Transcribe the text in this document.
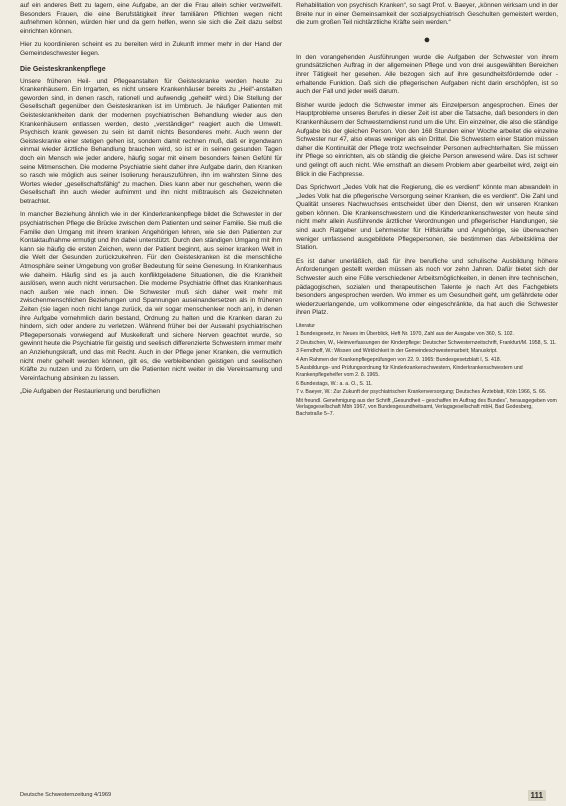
auf ein anderes Bett zu lagern, eine Aufgabe, an der die Frau allein schier verzweifelt. Besonders Frauen, die eine Berufstätigkeit ihrer familiären Pflichten wegen nicht aufnehmen können, würden hier und da gern helfen, wenn sie sich die Zeit dazu selbst einrichten können.

Hier zu koordinieren scheint es zu bereiten wird in Zukunft immer mehr in der Hand der Gemeindeschwester liegen.

Die Geisteskrankenpflege

Unsere früheren Heil- und Pflegeanstalten für Geisteskranke werden heute zu Krankenhäusern. Ein Irrgarten, es nicht unsere Krankenhäuser bereits zu „Heil“-anstalten geworden sind, in denen rasch, rationell und aufwendig „geheilt“ wird.) Die Stellung der Gesellschaft gegenüber den Geisteskranken ist im Umbruch. Je häufiger Patienten mit Geisteskrankheiten dank der modernen psychiatrischen Behandlung wieder aus den Krankenhäusern entlassen werden, desto „verständiger“ reagiert auch die Umwelt. Psychisch krank gewesen zu sein ist damit nichts Besonderes mehr. Auch wenn der Geisteskranke einer stetigen gehen ist, sondern damit rechnen muß, daß er irgendwann einmal wieder ärztliche Behandlung brauchen wird, so ist er in seinen gesunden Tagen doch ein Mensch wie jeder andere, häufig sogar mit einem besonders feinen Gefühl für seine Mitmenschen. Die moderne Psychiatrie sieht daher ihre Aufgabe darin, den Kranken so rasch wie möglich aus seiner Isolierung herauszuführen, ihn im wahrsten Sinne des Wortes wieder „gesellschaftsfähig“ zu machen. Dies kann aber nur geschehen, wenn die Gesellschaft ihn auch wieder aufnimmt und ihn nicht mißtrauisch als Gezeichneten betrachtet.

In mancher Beziehung ähnlich wie in der Kinderkrankenpflege bildet die Schwester in der psychiatrischen Pflege die Brücke zwischen dem Patienten und seiner Familie. Sie muß die Familie den Umgang mit ihrem kranken Angehörigen lehren, wie sie den Patienten zur Kontaktaufnahme ermutigt und ihn dabei unterstützt. Durch den ständigen Umgang mit ihm kann sie häufig die ersten Zeichen, wenn der Patient beginnt, aus seiner kranken Welt in die Welt der Gesunden zurückzukehren. Für den Geisteskranken ist die menschliche Atmosphäre seiner Umgebung von großer Bedeutung für seine Genesung. In Krankenhaus wie daheim. Häufig sind es ja auch konfliktgeladene Situationen, die die Krankheit auslösen, wenn auch nicht verursachen. Die moderne Psychiatrie öffnet das Krankenhaus nach außen wie nach innen. Die Schwester muß sich daher weit mehr mit zwischenmenschlichen Beziehungen und Spannungen auseinandersetzen als in früheren Zeiten (sie lagen noch nicht lange zurück, da wir sogar menschenleer noch an), in denen ihre Aufgabe vornehmlich darin bestand, Ordnung zu halten und die Kranken daran zu hindern, sich oder andere zu verletzen. Während früher bei der Auswahl psychiatrischen Pflegepersonals vorwiegend auf Muskelkraft und sichere Nerven geachtet wurde, so gewinnt heute die Psychiatrie für geistig und seelisch differenzierte Schwestern immer mehr an Anziehungskraft, und das mit Recht. Auch in der Pflege jener Kranken, die vermutlich nicht mehr geheilt werden können, gilt es, die verbleibenden geistigen und seelischen Kräfte zu nutzen und zu fördern, um die Patienten nicht weiter in die Vereinsamung und Vereinfachung absinken zu lassen.

„Die Aufgaben der Restaurierung und beruflichen

Rehabilitation von psychisch Kranken“, so sagt Prof. v. Baeyer, „können wirksam und in der Breite nur in einer Gemeinsamkeit der sozialpsychiatrisch Geschulten gemeistert werden, die zum großen Teil nichtärztliche Kräfte sein werden.“

●

In den vorangehenden Ausführungen wurde die Aufgaben der Schwester von ihrem grundsätzlichen Auftrag in der allgemeinen Pflege und von drei ausgewählten Bereichen ihrer Tätigkeit her gesehen. Alle bezogen sich auf ihre gesundheitsfördernde oder -erhaltende Funktion. Daß sich die pflegerischen Aufgaben nicht darin erschöpfen, ist so auch der Fall und jeder weiß darum.

Bisher wurde jedoch die Schwester immer als Einzelperson angesprochen. Eines der Hauptprobleme unseres Berufes in dieser Zeit ist aber die Tatsache, daß besonders in den Krankenhäusern der Schwesterndienst rund um die Uhr. Ein einzelner, die also die ständige Aufgabe bis der gleichen Person. Von den 168 Stunden einer Woche arbeitet die einzelne Schwester nur 47, also etwas weniger als ein Drittel. Die Schwestern einer Station müssen daher die Kontinuität der Pflege trotz wechselnder Personen aufrechterhalten. Sie müssen ihr Pflege so einrichten, als ob ständig die gleiche Person anwesend wäre. Das ist schwer und gelingt oft auch nicht. Wie ernsthaft an diesem Problem aber gearbeitet wird, zeigt ein Blick in die Fachpresse.

Das Sprichwort „Jedes Volk hat die Regierung, die es verdient“ könnte man abwandeln in „Jedes Volk hat die pflegerische Versorgung seiner Kranken, die es verdient“. Die Zahl und Qualität unseres Nachwuchses entscheidet über den Dienst, den wir unseren Kranken geben können. Die Krankenschwestern und die Kinderkrankenschwester von heute sind nicht mehr allein Ausführende ärztlicher Verordnungen und pflegerischer Handlungen, sie sind auch Ratgeber und Lehrmeister für Hilfskräfte und Angehörige, sie überwachen weniger umfassend ausgebildete Pflegepersonen, sie bestimmen das Arbeitsklima der Station.

Es ist daher unerläßlich, daß für ihre berufliche und schulische Ausbildung höhere Anforderungen gestellt werden müssen als noch vor zehn Jahren. Dafür bietet sich der Schwester auch eine Fülle verschiedener Arbeitsmöglichkeiten, in denen ihre technischen, pädagogischen, sozialen und therapeutischen Talente je nach Art des Fachgebiets besonders angesprochen werden. Wo immer es um Gesundheit geht, um gefährdete oder wiederzuerlangende, um vollkommene oder eingeschränkte, da hat auch die Schwester ihren Platz.

Literatur
1 Bundesgesetz, in: Neues im Überblick, Heft Nr. 1970, Zahl aus der Ausgabe von 360, S. 102.
2 Deutschen, W., Heimverfassungen der Kinderpflege: Deutscher Schwesternzeitschrift, Frankfurt/M. 1958, S. 11.
3 Ferndhoff, W.: Wissen und Wirklichkeit in der Gemeindeschwesternarbeit; Manuskript.
4 Am Rahmen der Krankenpflegeprüfungen von 22. 9. 1965: Bundesgesetzblatt I, S. 418.
5 Ausbildungs- und Prüfungsordnung für Kinderkrankenschwestern, Kinderkrankenschwestern und Krankenpflegehelfer vom 2. 8. 1965.
6 Bundestags, W.: a. a. O., S. 11.
7 v. Baeyer, W.: Zur Zukunft der psychiatrischen Krankenversorgung; Deutsches Ärzteblatt, Köln 1966, S. 66.
Mit freundl. Genehmigung aus der Schrift „Gesundheit – geschaffen im Auftrag des Bundes“, herausgegeben vom Verlagsgesellschaft Mbh 1967, von Bundesgesundheitsamt, Verlagsgesellschaft mbH, Bad Godesberg, Bachstraße 5–7.
Deutsche Schwesternzeitung 4/1969	111
